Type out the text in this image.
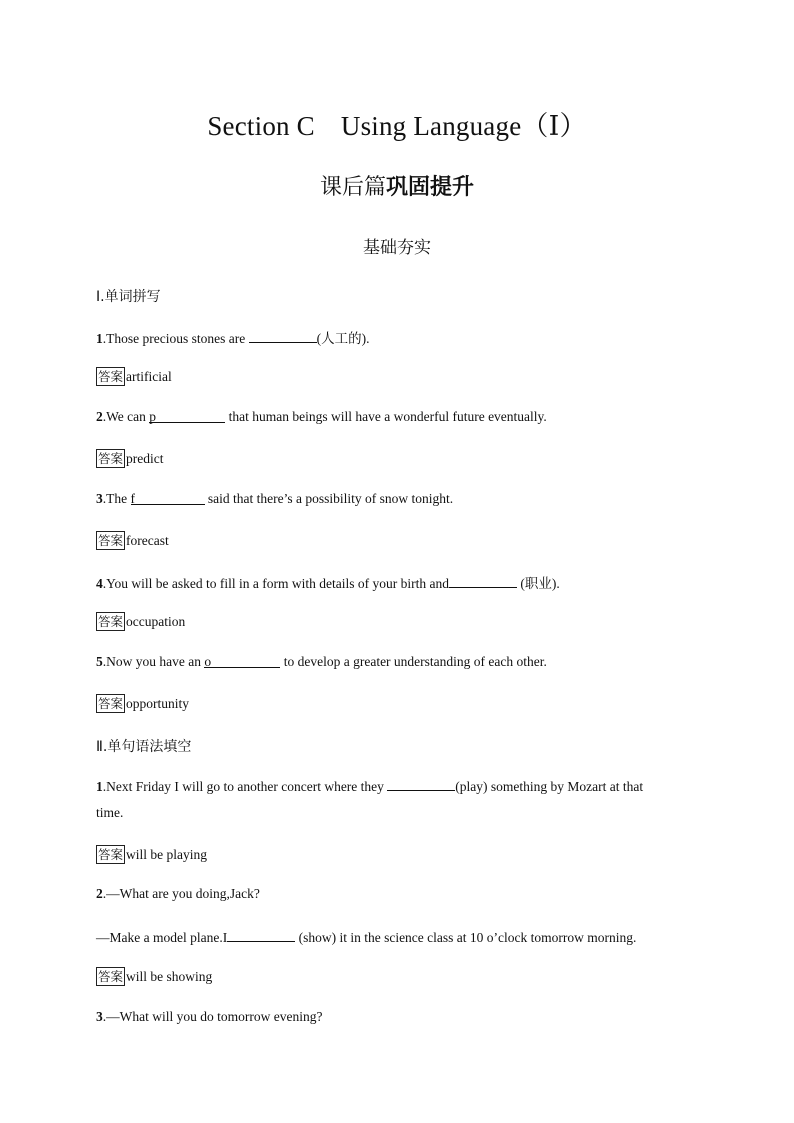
Section C Using Language（Ⅰ）
课后篇巩固提升
基础夯实
Ⅰ.单词拼写
1.Those precious stones are	(人工的).
答案 artificial
2.We can p	that human beings will have a wonderful future eventually.
答案 predict
3.The f	said that there’s a possibility of snow tonight.
答案 forecast
4.You will be asked to fill in a form with details of your birth and	(职业).
答案 occupation
5.Now you have an o	to develop a greater understanding of each other.
答案 opportunity
Ⅱ.单句语法填空
1.Next Friday I will go to another concert where they	(play) something by Mozart at that
time.
答案 will be playing
2.—What are you doing,Jack?
—Make a model plane.I	(show) it in the science class at 10 o’clock tomorrow morning.
答案 will be showing
3.—What will you do tomorrow evening?
